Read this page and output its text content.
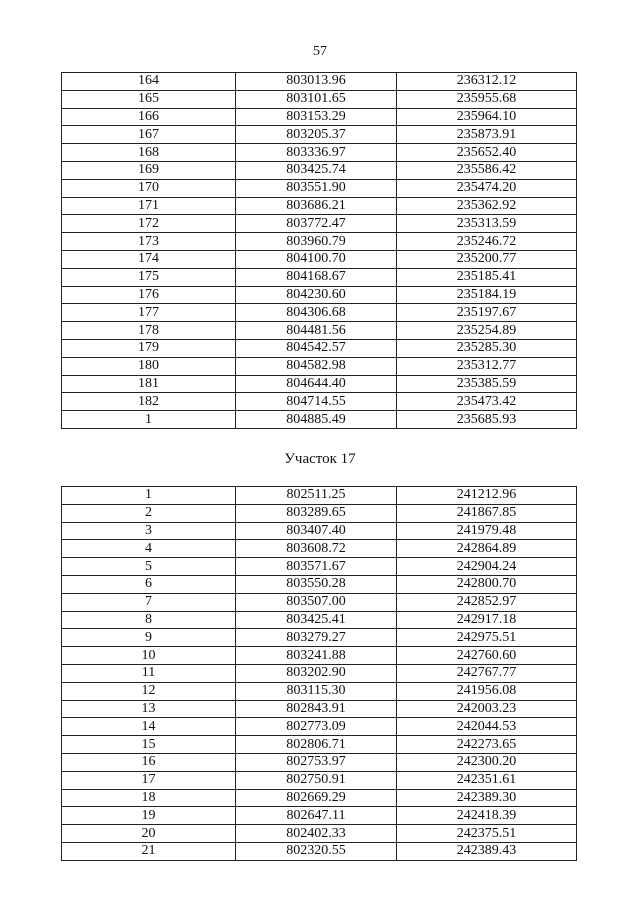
57
164	803013.96	236312.12
165	803101.65	235955.68
166	803153.29	235964.10
167	803205.37	235873.91
168	803336.97	235652.40
169	803425.74	235586.42
170	803551.90	235474.20
171	803686.21	235362.92
172	803772.47	235313.59
173	803960.79	235246.72
174	804100.70	235200.77
175	804168.67	235185.41
176	804230.60	235184.19
177	804306.68	235197.67
178	804481.56	235254.89
179	804542.57	235285.30
180	804582.98	235312.77
181	804644.40	235385.59
182	804714.55	235473.42
1	804885.49	235685.93
Участок 17
1	802511.25	241212.96
2	803289.65	241867.85
3	803407.40	241979.48
4	803608.72	242864.89
5	803571.67	242904.24
6	803550.28	242800.70
7	803507.00	242852.97
8	803425.41	242917.18
9	803279.27	242975.51
10	803241.88	242760.60
11	803202.90	242767.77
12	803115.30	241956.08
13	802843.91	242003.23
14	802773.09	242044.53
15	802806.71	242273.65
16	802753.97	242300.20
17	802750.91	242351.61
18	802669.29	242389.30
19	802647.11	242418.39
20	802402.33	242375.51
21	802320.55	242389.43
